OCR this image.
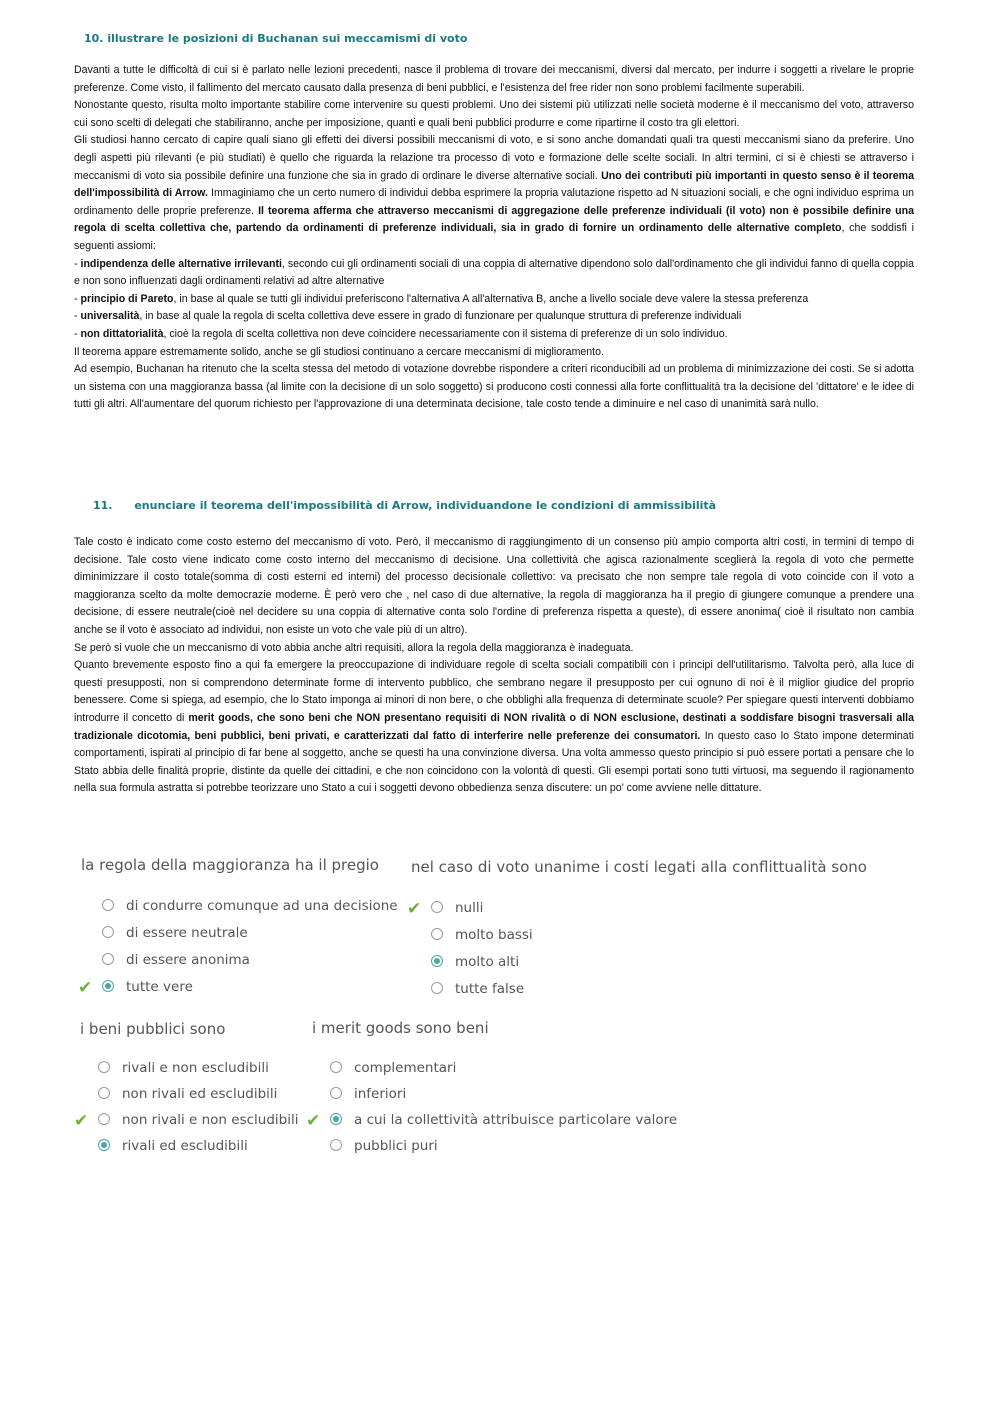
10. illustrare le posizioni di Buchanan sui meccamismi di voto

Davanti a tutte le difficoltà di cui si è parlato nelle lezioni precedenti, nasce il problema di trovare dei meccanismi, diversi dal mercato, per indurre i soggetti a rivelare le proprie preferenze. Come visto, il fallimento del mercato causato dalla presenza di beni pubblici, e l'esistenza del free rider non sono problemi facilmente superabili.

Nonostante questo, risulta molto importante stabilire come intervenire su questi problemi. Uno dei sistemi più utilizzati nelle società moderne è il meccanismo del voto, attraverso cui sono scelti di delegati che stabiliranno, anche per imposizione, quanti e quali beni pubblici produrre e come ripartirne il costo tra gli elettori.

Gli studiosi hanno cercato di capire quali siano gli effetti dei diversi possibili meccanismi di voto, e si sono anche domandati quali tra questi meccanismi siano da preferire. Uno degli aspetti più rilevanti (e più studiati) è quello che riguarda la relazione tra processo di voto e formazione delle scelte sociali. In altri termini, ci si è chiesti se attraverso i meccanismi di voto sia possibile definire una funzione che sia in grado di ordinare le diverse alternative sociali. Uno dei contributi più importanti in questo senso è il teorema dell'impossibilità di Arrow. Immaginiamo che un certo numero di individui debba esprimere la propria valutazione rispetto ad N situazioni sociali, e che ogni individuo esprima un ordinamento delle proprie preferenze. Il teorema afferma che attraverso meccanismi di aggregazione delle preferenze individuali (il voto) non è possibile definire una regola di scelta collettiva che, partendo da ordinamenti di preferenze individuali, sia in grado di fornire un ordinamento delle alternative completo, che soddisfi i seguenti assiomi:

- indipendenza delle alternative irrilevanti, secondo cui gli ordinamenti sociali di una coppia di alternative dipendono solo dall'ordinamento che gli individui fanno di quella coppia e non sono influenzati dagli ordinamenti relativi ad altre alternative

- principio di Pareto, in base al quale se tutti gli individui preferiscono l'alternativa A all'alternativa B, anche a livello sociale deve valere la stessa preferenza

- universalità, in base al quale la regola di scelta collettiva deve essere in grado di funzionare per qualunque struttura di preferenze individuali

- non dittatorialità, cioè la regola di scelta collettiva non deve coincidere necessariamente con il sistema di preferenze di un solo individuo.

Il teorema appare estremamente solido, anche se gli studiosi continuano a cercare meccanismi di miglioramento.

Ad esempio, Buchanan ha ritenuto che la scelta stessa del metodo di votazione dovrebbe rispondere a criteri riconducibili ad un problema di minimizzazione dei costi. Se si adotta un sistema con una maggioranza bassa (al limite con la decisione di un solo soggetto) si producono costi connessi alla forte conflittualità tra la decisione del 'dittatore' e le idee di tutti gli altri. All'aumentare del quorum richiesto per l'approvazione di una determinata decisione, tale costo tende a diminuire e nel caso di unanimità sarà nullo.

11. enunciare il teorema dell'impossibilità di Arrow, individuandone le condizioni di ammissibilità

Tale costo è indicato come costo esterno del meccanismo di voto. Però, il meccanismo di raggiungimento di un consenso più ampio comporta altri costi, in termini di tempo di decisione. Tale costo viene indicato come costo interno del meccanismo di decisione. Una collettività che agisca razionalmente sceglierà la regola di voto che permette diminimizzare il costo totale(somma di costi esterni ed interni) del processo decisionale collettivo: va precisato che non sempre tale regola di voto coincide con il voto a maggioranza scelto da molte democrazie moderne. È però vero che , nel caso di due alternative, la regola di maggioranza ha il pregio di giungere comunque a prendere una decisione, di essere neutrale(cioè nel decidere su una coppia di alternative conta solo l'ordine di preferenza rispetta a queste), di essere anonima( cioè il risultato non cambia anche se il voto è associato ad individui, non esiste un voto che vale più di un altro).

Se però si vuole che un meccanismo di voto abbia anche altri requisiti, allora la regola della maggioranza è inadeguata.

Quanto brevemente esposto fino a qui fa emergere la preoccupazione di individuare regole di scelta sociali compatibili con i principi dell'utilitarismo. Talvolta però, alla luce di questi presupposti, non si comprendono determinate forme di intervento pubblico, che sembrano negare il presupposto per cui ognuno di noi è il miglior giudice del proprio benessere. Come si spiega, ad esempio, che lo Stato imponga ai minori di non bere, o che obblighi alla frequenza di determinate scuole? Per spiegare questi interventi dobbiamo introdurre il concetto di merit goods, che sono beni che NON presentano requisiti di NON rivalità o di NON esclusione, destinati a soddisfare bisogni trasversali alla tradizionale dicotomia, beni pubblici, beni privati, e caratterizzati dal fatto di interferire nelle preferenze dei consumatori. In questo caso lo Stato impone determinati comportamenti, ispirati al principio di far bene al soggetto, anche se questi ha una convinzione diversa. Una volta ammesso questo principio si può essere portati a pensare che lo Stato abbia delle finalità proprie, distinte da quelle dei cittadini, e che non coincidono con la volontà di questi. Gli esempi portati sono tutti virtuosi, ma seguendo il ragionamento nella sua formula astratta si potrebbe teorizzare uno Stato a cui i soggetti devono obbedienza senza discutere: un po' come avviene nelle dittature.

la regola della maggioranza ha il pregio
di condurre comunque ad una decisione
di essere neutrale
di essere anonima
✔	tutte vere
nel caso di voto unanime i costi legati alla conflittualità sono
✔	nulli
molto bassi
molto alti
tutte false
i beni pubblici sono
rivali e non escludibili
non rivali ed escludibili
✔	non rivali e non escludibili
rivali ed escludibili
i merit goods sono beni
complementari
inferiori
✔	a cui la collettività attribuisce particolare valore
pubblici puri
